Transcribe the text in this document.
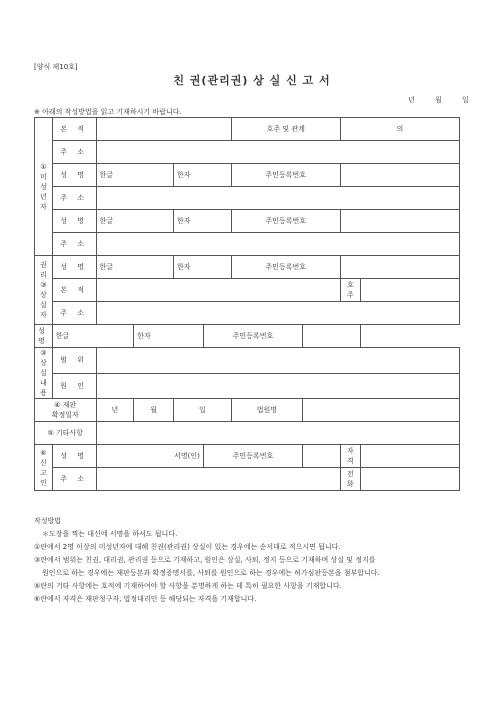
[양식 제10호]
친 권(관리권) 상 실 신 고 서
년 월 일
※ 아래의 작성방법을 읽고 기재하시기 바랍니다.
①
미
성
년
자	본 적					호주 및 관계		의	
	주 소								
	성 명	한글		한자		주민등록번호			
	주 소								
	성 명	한글		한자		주민등록번호			
	주 소								
권리
③상실
자	성 명	한글		한자		주민등록번호			
	본 적							호 주	
	주 소								
성 명	한글		한자		주민등록번호				
③
상실
내용	범 위								
	원 인								
④ 재판
확정일자		년	월	일		법원명			
⑤ 기타사항									
⑥
신
고
인	성 명	서명(인)			주민등록번호			자격	
	주 소							전화	
작성방법
＊도장을 찍는 대신에 서명을 하셔도 됩니다.
①란에서 2명 이상의 미성년자에 대해 친권(관리권) 상실이 있는 경우에는 순서대로 적으시면 됩니다.
③란에서 범위는 친권, 대리권, 관리권 등으로 기재하고, 원인은 상실, 사퇴, 정지 등으로 기재하며 상실 및 정지를
원인으로 하는 경우에는 재판등본과 확정증명서를, 사퇴를 원인으로 하는 경우에는 허가심판등본을 첨부합니다.
⑤란의 기타 사항에는 호적에 기재하여야 할 사항을 분명하게 하는 데 특히 필요한 사항을 기재합니다.
⑥란에서 자격은 재판청구자, 법정대리인 등 해당되는 자격을 기재합니다.
